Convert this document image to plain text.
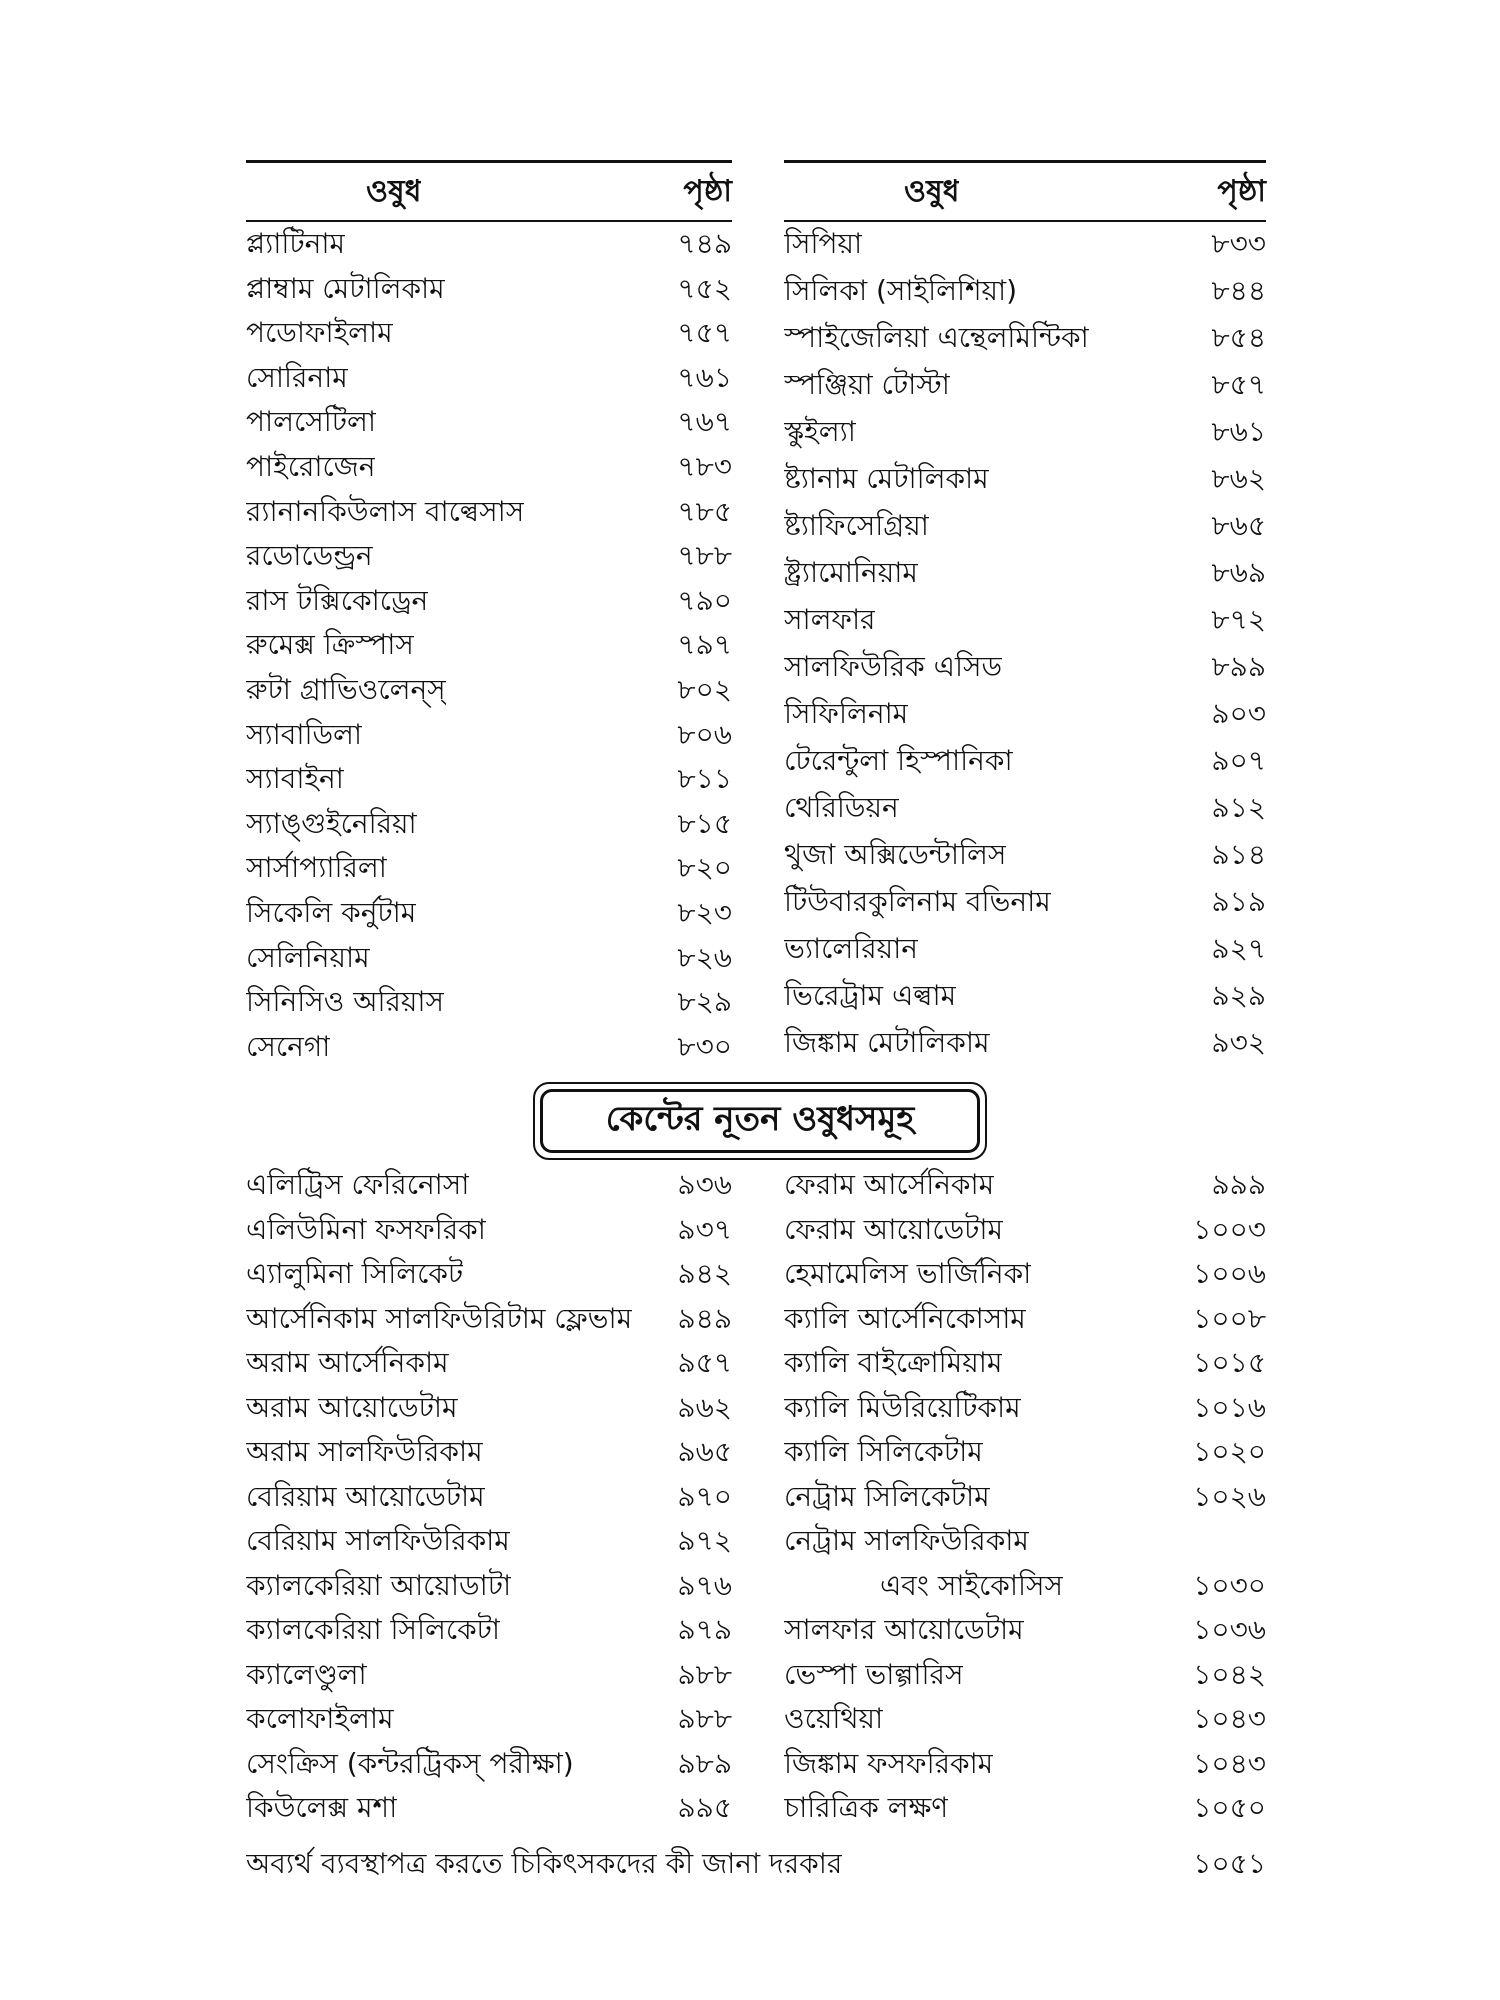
ওষুধ	পৃষ্ঠা	ওষুধ	পৃষ্ঠা
প্ল্যাটিনাম	৭৪৯
প্লাম্বাম মেটালিকাম	৭৫২
পডোফাইলাম	৭৫৭
সোরিনাম	৭৬১
পালসেটিলা	৭৬৭
পাইরোজেন	৭৮৩
র‍্যানানকিউলাস বাল্বেসাস	৭৮৫
রডোডেন্ড্রন	৭৮৮
রাস টক্সিকোড্রেন	৭৯০
রুমেক্স ক্রিস্পাস	৭৯৭
রুটা গ্রাভিওলেন্স্	৮০২
স্যাবাডিলা	৮০৬
স্যাবাইনা	৮১১
স্যাঙ্গুইনেরিয়া	৮১৫
সার্সাপ্যারিলা	৮২০
সিকেলি কর্নুটাম	৮২৩
সেলিনিয়াম	৮২৬
সিনিসিও অরিয়াস	৮২৯
সেনেগা	৮৩০
সিপিয়া	৮৩৩
সিলিকা (সাইলিশিয়া)	৮৪৪
স্পাইজেলিয়া এন্থেলমিন্টিকা	৮৫৪
স্পঞ্জিয়া টোস্টা	৮৫৭
স্কুইল্যা	৮৬১
ষ্ট্যানাম মেটালিকাম	৮৬২
ষ্ট্যাফিসেগ্রিয়া	৮৬৫
ষ্ট্র্যামোনিয়াম	৮৬৯
সালফার	৮৭২
সালফিউরিক এসিড	৮৯৯
সিফিলিনাম	৯০৩
টেরেন্টুলা হিস্পানিকা	৯০৭
থেরিডিয়ন	৯১২
থুজা অক্সিডেন্টালিস	৯১৪
টিউবারকুলিনাম বভিনাম	৯১৯
ভ্যালেরিয়ান	৯২৭
ভিরেট্রাম এল্বাম	৯২৯
জিঙ্কাম মেটালিকাম	৯৩২
কেন্টের নূতন ওষুধসমূহ
এলিট্রিস ফেরিনোসা	৯৩৬
এলিউমিনা ফসফরিকা	৯৩৭
এ্যালুমিনা সিলিকেট	৯৪২
আর্সেনিকাম সালফিউরিটাম ফ্লেভাম	৯৪৯
অরাম আর্সেনিকাম	৯৫৭
অরাম আয়োডেটাম	৯৬২
অরাম সালফিউরিকাম	৯৬৫
বেরিয়াম আয়োডেটাম	৯৭০
বেরিয়াম সালফিউরিকাম	৯৭২
ক্যালকেরিয়া আয়োডাটা	৯৭৬
ক্যালকেরিয়া সিলিকেটা	৯৭৯
ক্যালেণ্ডুলা	৯৮৮
কলোফাইলাম	৯৮৮
সেংক্রিস (কন্টরট্রিকস্ পরীক্ষা)	৯৮৯
কিউলেক্স মশা	৯৯৫
ফেরাম আর্সেনিকাম	৯৯৯
ফেরাম আয়োডেটাম	১০০৩
হেমামেলিস ভার্জিনিকা	১০০৬
ক্যালি আর্সেনিকোসাম	১০০৮
ক্যালি বাইক্রোমিয়াম	১০১৫
ক্যালি মিউরিয়েটিকাম	১০১৬
ক্যালি সিলিকেটাম	১০২০
নেট্রাম সিলিকেটাম	১০২৬
নেট্রাম সালফিউরিকাম
এবং সাইকোসিস	১০৩০
সালফার আয়োডেটাম	১০৩৬
ভেস্পা ভাল্গারিস	১০৪২
ওয়েথিয়া	১০৪৩
জিঙ্কাম ফসফরিকাম	১০৪৩
চারিত্রিক লক্ষণ	১০৫০
অব্যর্থ ব্যবস্থাপত্র করতে চিকিৎসকদের কী জানা দরকার	১০৫১
